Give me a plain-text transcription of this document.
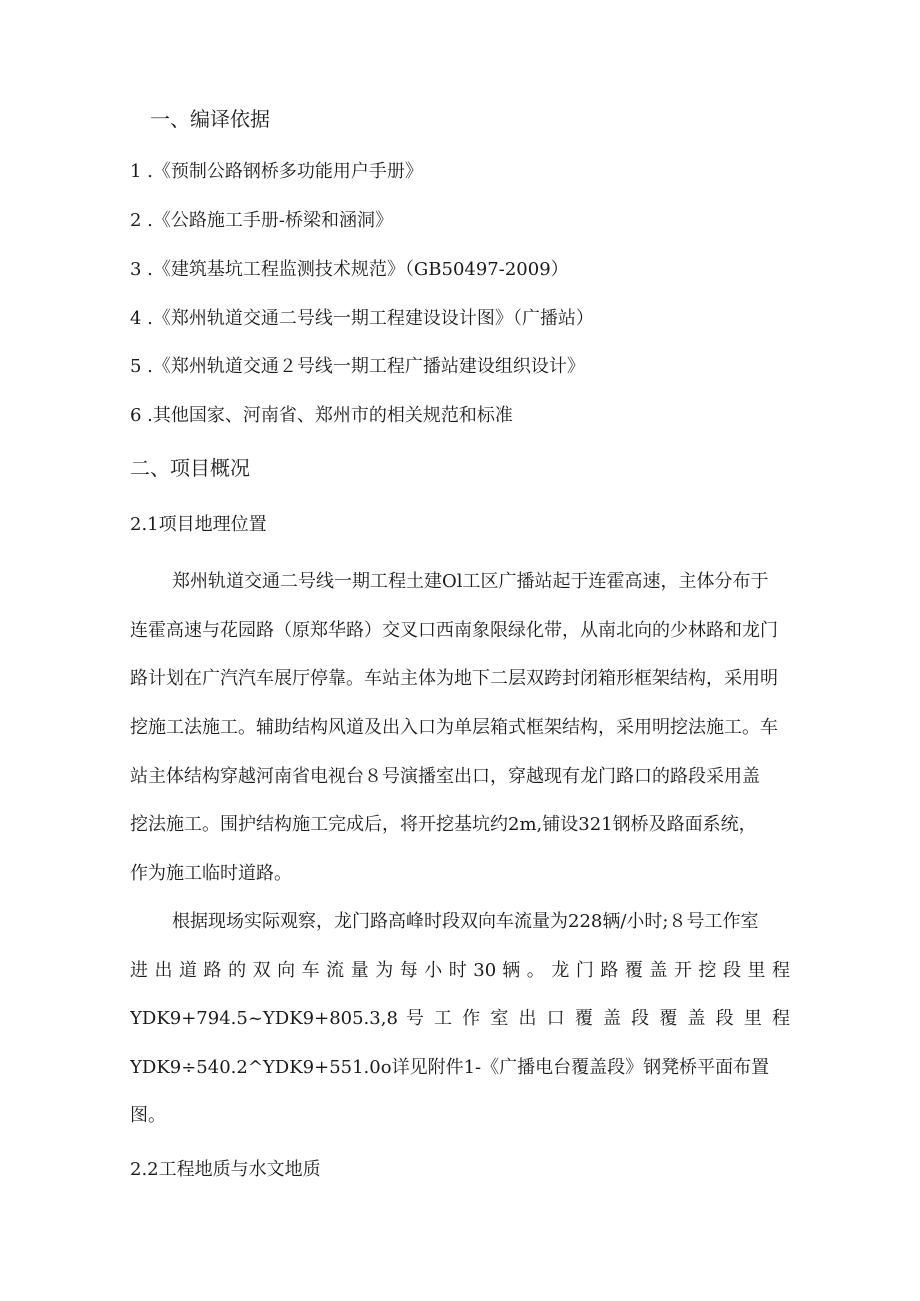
一、编译依据
1 .《预制公路钢桥多功能用户手册》
2 .《公路施工手册-桥梁和涵洞》
3 .《建筑基坑工程监测技术规范》（GB50497-2009）
4 .《郑州轨道交通二号线一期工程建设设计图》（广播站）
5 .《郑州轨道交通２号线一期工程广播站建设组织设计》
6 .其他国家、河南省、郑州市的相关规范和标准
二、项目概况
2.1项目地理位置
郑州轨道交通二号线一期工程土建Ol工区广播站起于连霍高速，主体分布于
连霍高速与花园路（原郑华路）交叉口西南象限绿化带，从南北向的少林路和龙门
路计划在广汽汽车展厅停靠。车站主体为地下二层双跨封闭箱形框架结构，采用明
挖施工法施工。辅助结构风道及出入口为单层箱式框架结构，采用明挖法施工。车
站主体结构穿越河南省电视台８号演播室出口，穿越现有龙门路口的路段采用盖
挖法施工。围护结构施工完成后，将开挖基坑约2m,铺设321钢桥及路面系统，
作为施工临时道路。
根据现场实际观察，龙门路高峰时段双向车流量为228辆/小时;８号工作室
进 出 道 路 的 双 向 车 流 量 为 每 小 时 30 辆 。 龙 门 路 覆 盖 开 挖 段 里 程
YDK9+794.5~YDK9+805.3,8 号 工 作 室 出 口 覆 盖 段 覆 盖 段 里 程
YDK9÷540.2^YDK9+551.0o详见附件1-《广播电台覆盖段》钢凳桥平面布置
图。
2.2工程地质与水文地质
